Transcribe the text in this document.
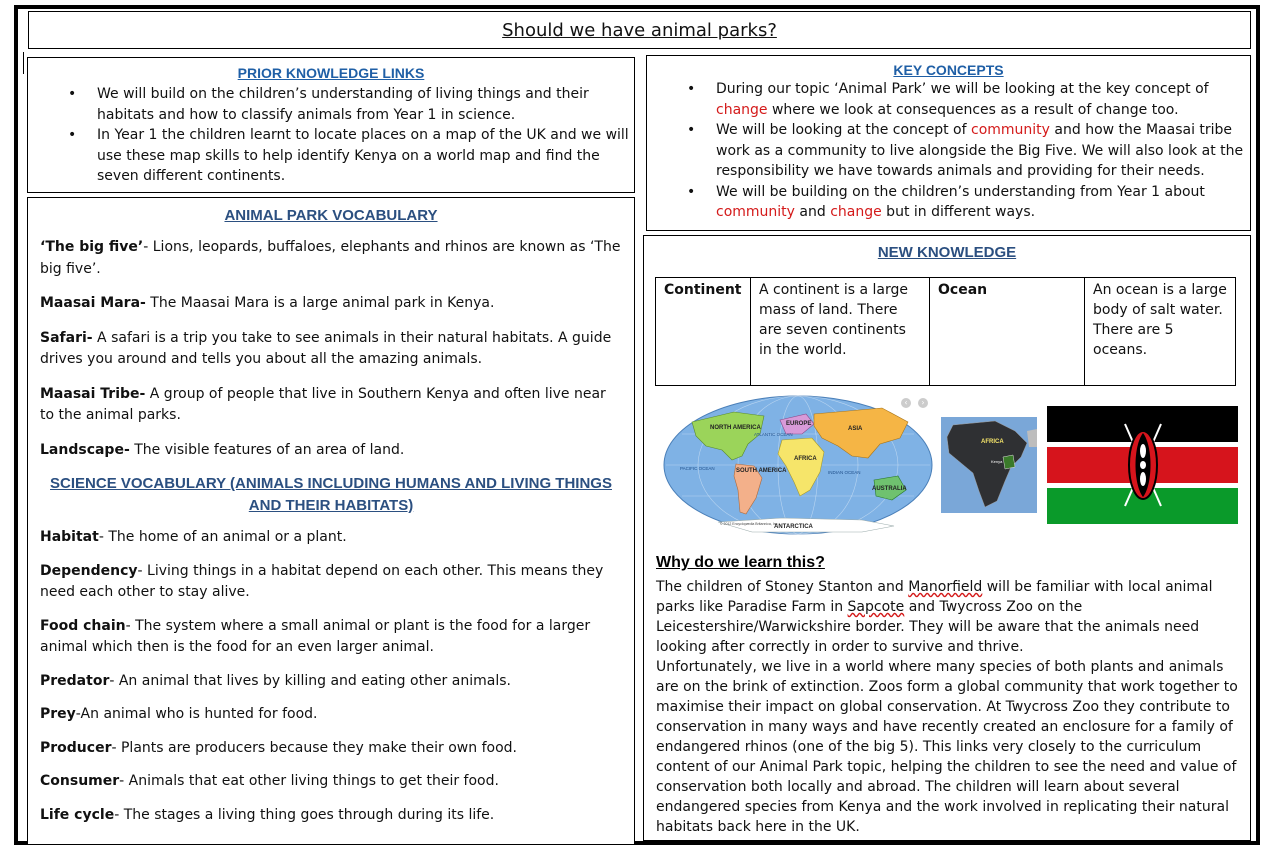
Should we have animal parks?
PRIOR KNOWLEDGE LINKS
• We will build on the children’s understanding of living things and their habitats and how to classify animals from Year 1 in science.
• In Year 1 the children learnt to locate places on a map of the UK and we will use these map skills to help identify Kenya on a world map and find the seven different continents.
KEY CONCEPTS
• During our topic ‘Animal Park’ we will be looking at the key concept of change where we look at consequences as a result of change too.
• We will be looking at the concept of community and how the Maasai tribe work as a community to live alongside the Big Five. We will also look at the responsibility we have towards animals and providing for their needs.
• We will be building on the children’s understanding from Year 1 about community and change but in different ways.
ANIMAL PARK VOCABULARY

‘The big five’- Lions, leopards, buffaloes, elephants and rhinos are known as ‘The big five’.

Maasai Mara- The Maasai Mara is a large animal park in Kenya.

Safari- A safari is a trip you take to see animals in their natural habitats. A guide drives you around and tells you about all the amazing animals.

Maasai Tribe- A group of people that live in Southern Kenya and often live near to the animal parks.

Landscape- The visible features of an area of land.

SCIENCE VOCABULARY (ANIMALS INCLUDING HUMANS AND LIVING THINGS AND THEIR HABITATS)

Habitat- The home of an animal or a plant.

Dependency- Living things in a habitat depend on each other. This means they need each other to stay alive.

Food chain- The system where a small animal or plant is the food for a larger animal which then is the food for an even larger animal.

Predator- An animal that lives by killing and eating other animals.

Prey-An animal who is hunted for food.

Producer- Plants are producers because they make their own food.

Consumer- Animals that eat other living things to get their food.

Life cycle- The stages a living thing goes through during its life.

NEW KNOWLEDGE
Continent	A continent is a large mass of land. There are seven continents in the world.	Ocean	An ocean is a large body of salt water. There are 5 oceans.
NORTH AMERICA
SOUTH AMERICA
EUROPE
ASIA
AFRICA
AUSTRALIA
ANTARCTICA
ATLANTIC OCEAN
PACIFIC OCEAN
INDIAN OCEAN
© 2012 Encyclopædia Britannica, Inc.
‹	›
AFRICA
Kenya
Why do we learn this?
The children of Stoney Stanton and Manorfield will be familiar with local animal parks like Paradise Farm in Sapcote and Twycross Zoo on the Leicestershire/Warwickshire border. They will be aware that the animals need looking after correctly in order to survive and thrive.
Unfortunately, we live in a world where many species of both plants and animals are on the brink of extinction. Zoos form a global community that work together to maximise their impact on global conservation. At Twycross Zoo they contribute to conservation in many ways and have recently created an enclosure for a family of endangered rhinos (one of the big 5). This links very closely to the curriculum content of our Animal Park topic, helping the children to see the need and value of conservation both locally and abroad. The children will learn about several endangered species from Kenya and the work involved in replicating their natural habitats back here in the UK.
